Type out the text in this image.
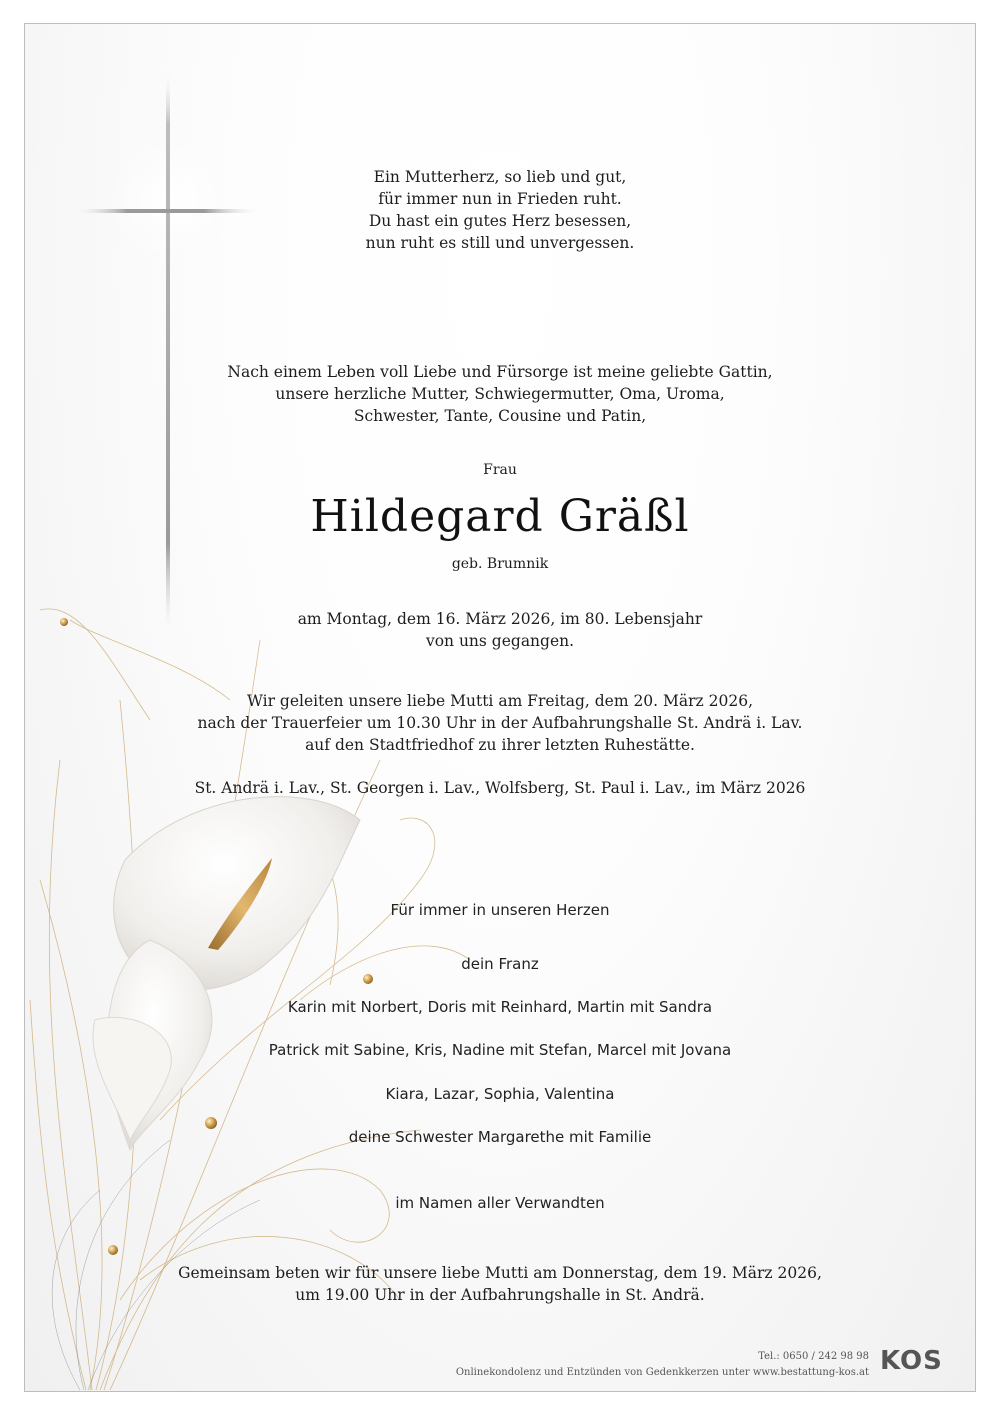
Ein Mutterherz, so lieb und gut,
für immer nun in Frieden ruht.
Du hast ein gutes Herz besessen,
nun ruht es still und unvergessen.
Nach einem Leben voll Liebe und Fürsorge ist meine geliebte Gattin,
unsere herzliche Mutter, Schwiegermutter, Oma, Uroma,
Schwester, Tante, Cousine und Patin,
Frau
Hildegard Gräßl
geb. Brumnik
am Montag, dem 16. März 2026, im 80. Lebensjahr
von uns gegangen.
Wir geleiten unsere liebe Mutti am Freitag, dem 20. März 2026,
nach der Trauerfeier um 10.30 Uhr in der Aufbahrungshalle St. Andrä i. Lav.
auf den Stadtfriedhof zu ihrer letzten Ruhestätte.
St. Andrä i. Lav., St. Georgen i. Lav., Wolfsberg, St. Paul i. Lav., im März 2026
Für immer in unseren Herzen
dein Franz
Karin mit Norbert, Doris mit Reinhard, Martin mit Sandra
Patrick mit Sabine, Kris, Nadine mit Stefan, Marcel mit Jovana
Kiara, Lazar, Sophia, Valentina
deine Schwester Margarethe mit Familie
im Namen aller Verwandten
Gemeinsam beten wir für unsere liebe Mutti am Donnerstag, dem 19. März 2026,
um 19.00 Uhr in der Aufbahrungshalle in St. Andrä.
Tel.: 0650 / 242 98 98
Onlinekondolenz und Entzünden von Gedenkkerzen unter www.bestattung-kos.at KOS
